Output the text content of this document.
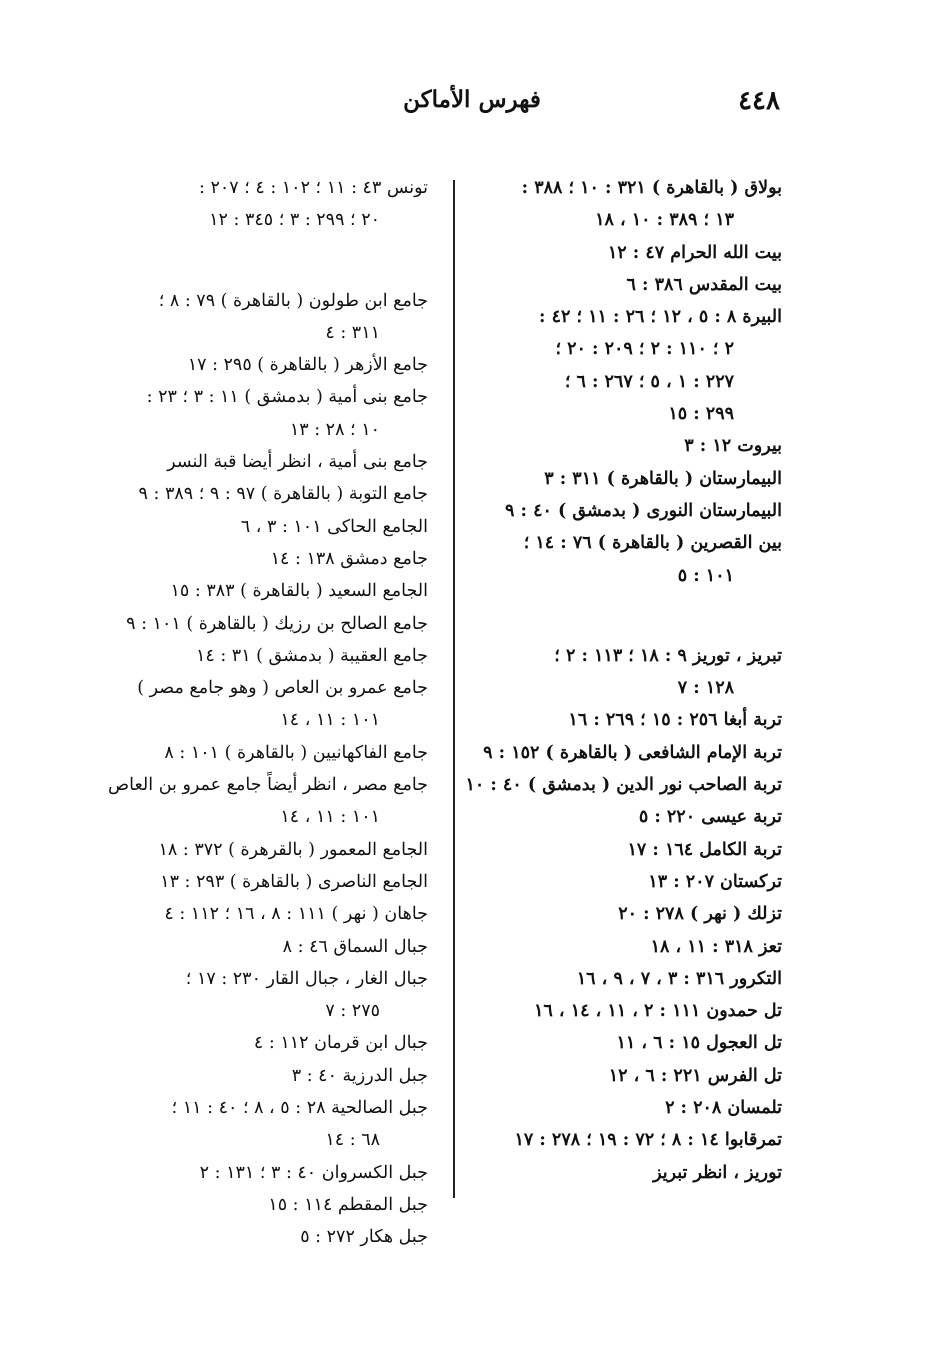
٤٤٨
فهرس الأماكن
بولاق ( بالقاهرة ) ٣٢١ : ١٠ ؛ ٣٨٨ :
١٣ ؛ ٣٨٩ : ١٠ ، ١٨
بيت الله الحرام ٤٧ : ١٢
بيت المقدس ٣٨٦ : ٦
البيرة ٨ : ٥ ، ١٢ ؛ ٢٦ : ١١ ؛ ٤٢ :
٢ ؛ ١١٠ : ٢ ؛ ٢٠٩ : ٢٠ ؛
٢٢٧ : ١ ، ٥ ؛ ٢٦٧ : ٦ ؛
٢٩٩ : ١٥
بيروت ١٢ : ٣
البيمارستان ( بالقاهرة ) ٣١١ : ٣
البيمارستان النورى ( بدمشق ) ٤٠ : ٩
بين القصرين ( بالقاهرة ) ٧٦ : ١٤ ؛
١٠١ : ٥
تبريز ، توريز ٩ : ١٨ ؛ ١١٣ : ٢ ؛
١٢٨ : ٧
تربة أبغا ٢٥٦ : ١٥ ؛ ٢٦٩ : ١٦
تربة الإمام الشافعى ( بالقاهرة ) ١٥٢ : ٩
تربة الصاحب نور الدين ( بدمشق ) ٤٠ : ١٠
تربة عيسى ٢٢٠ : ٥
تربة الكامل ١٦٤ : ١٧
تركستان ٢٠٧ : ١٣
تزلك ( نهر ) ٢٧٨ : ٢٠
تعز ٣١٨ : ١١ ، ١٨
التكرور ٣١٦ : ٣ ، ٧ ، ٩ ، ١٦
تل حمدون ١١١ : ٢ ، ١١ ، ١٤ ، ١٦
تل العجول ١٥ : ٦ ، ١١
تل الفرس ٢٢١ : ٦ ، ١٢
تلمسان ٢٠٨ : ٢
تمرقابوا ١٤ : ٨ ؛ ٧٢ : ١٩ ؛ ٢٧٨ : ١٧
توريز ، انظر تبريز
تونس ٤٣ : ١١ ؛ ١٠٢ : ٤ ؛ ٢٠٧ :
٢٠ ؛ ٢٩٩ : ٣ ؛ ٣٤٥ : ١٢
جامع ابن طولون ( بالقاهرة ) ٧٩ : ٨ ؛
٣١١ : ٤
جامع الأزهر ( بالقاهرة ) ٢٩٥ : ١٧
جامع بنى أمية ( بدمشق ) ١١ : ٣ ؛ ٢٣ :
١٠ ؛ ٢٨ : ١٣
جامع بنى أمية ، انظر أيضا قبة النسر
جامع التوبة ( بالقاهرة ) ٩٧ : ٩ ؛ ٣٨٩ : ٩
الجامع الحاكى ١٠١ : ٣ ، ٦
جامع دمشق ١٣٨ : ١٤
الجامع السعيد ( بالقاهرة ) ٣٨٣ : ١٥
جامع الصالح بن رزيك ( بالقاهرة ) ١٠١ : ٩
جامع العقيبة ( بدمشق ) ٣١ : ١٤
جامع عمرو بن العاص ( وهو جامع مصر )
١٠١ : ١١ ، ١٤
جامع الفاكهانيين ( بالقاهرة ) ١٠١ : ٨
جامع مصر ، انظر أيضاً جامع عمرو بن العاص
١٠١ : ١١ ، ١٤
الجامع المعمور ( بالقرهرة ) ٣٧٢ : ١٨
الجامع الناصرى ( بالقاهرة ) ٢٩٣ : ١٣
جاهان ( نهر ) ١١١ : ٨ ، ١٦ ؛ ١١٢ : ٤
جبال السماق ٤٦ : ٨
جبال الغار ، جبال القار ٢٣٠ : ١٧ ؛
٢٧٥ : ٧
جبال ابن قرمان ١١٢ : ٤
جبل الدرزية ٤٠ : ٣
جبل الصالحية ٢٨ : ٥ ، ٨ ؛ ٤٠ : ١١ ؛
٦٨ : ١٤
جبل الكسروان ٤٠ : ٣ ؛ ١٣١ : ٢
جبل المقطم ١١٤ : ١٥
جبل هكار ٢٧٢ : ٥
